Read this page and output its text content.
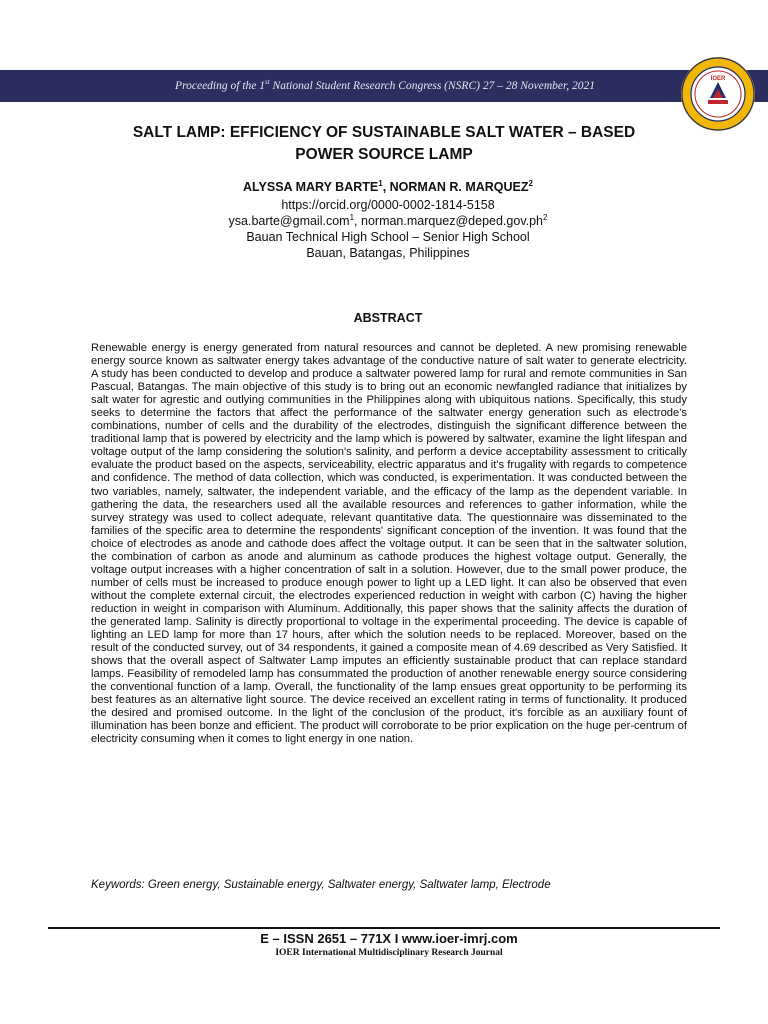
Proceeding of the 1st National Student Research Congress (NSRC) 27 – 28 November, 2021
IOER
SALT LAMP: EFFICIENCY OF SUSTAINABLE SALT WATER – BASED
POWER SOURCE LAMP
ALYSSA MARY BARTE$^1$, NORMAN R. MARQUEZ$^2$
https://orcid.org/0000-0002-1814-5158
ysa.barte@gmail.com$^1$, $norman.marquez@deped.gov.ph^2$
Bauan Technical High School – Senior High School
Bauan, Batangas, Philippines
ABSTRACT
Renewable energy is energy generated from natural resources and cannot be depleted. A new promising renewable energy source known as saltwater energy takes advantage of the conductive nature of salt water to generate electricity. A study has been conducted to develop and produce a saltwater powered lamp for rural and remote communities in San Pascual, Batangas. The main objective of this study is to bring out an economic newfangled radiance that initializes by salt water for agrestic and outlying communities in the Philippines along with ubiquitous nations. Specifically, this study seeks to determine the factors that affect the performance of the saltwater energy generation such as electrode's combinations, number of cells and the durability of the electrodes, distinguish the significant difference between the traditional lamp that is powered by electricity and the lamp which is powered by saltwater, examine the light lifespan and voltage output of the lamp considering the solution's salinity, and perform a device acceptability assessment to critically evaluate the product based on the aspects, serviceability, electric apparatus and it's frugality with regards to competence and confidence. The method of data collection, which was conducted, is experimentation. It was conducted between the two variables, namely, saltwater, the independent variable, and the efficacy of the lamp as the dependent variable. In gathering the data, the researchers used all the available resources and references to gather information, while the survey strategy was used to collect adequate, relevant quantitative data. The questionnaire was disseminated to the families of the specific area to determine the respondents' significant conception of the invention. It was found that the choice of electrodes as anode and cathode does affect the voltage output. It can be seen that in the saltwater solution, the combination of carbon as anode and aluminum as cathode produces the highest voltage output. Generally, the voltage output increases with a higher concentration of salt in a solution. However, due to the small power produce, the number of cells must be increased to produce enough power to light up a LED light. It can also be observed that even without the complete external circuit, the electrodes experienced reduction in weight with carbon (C) having the higher reduction in weight in comparison with Aluminum. Additionally, this paper shows that the salinity affects the duration of the generated lamp. Salinity is directly proportional to voltage in the experimental proceeding. The device is capable of lighting an LED lamp for more than 17 hours, after which the solution needs to be replaced. Moreover, based on the result of the conducted survey, out of 34 respondents, it gained a composite mean of 4.69 described as Very Satisfied. It shows that the overall aspect of Saltwater Lamp imputes an efficiently sustainable product that can replace standard lamps. Feasibility of remodeled lamp has consummated the production of another renewable energy source considering the conventional function of a lamp. Overall, the functionality of the lamp ensues great opportunity to be performing its best features as an alternative light source. The device received an excellent rating in terms of functionality. It produced the desired and promised outcome. In the light of the conclusion of the product, it's forcible as an auxiliary fount of illumination has been bonze and efficient. The product will corroborate to be prior explication on the huge per-centrum of electricity consuming when it comes to light energy in one nation.
Keywords: Green energy, Sustainable energy, Saltwater energy, Saltwater lamp, Electrode
E – ISSN 2651 – 771X I www.ioer-imrj.com
IOER International Multidisciplinary Research Journal
